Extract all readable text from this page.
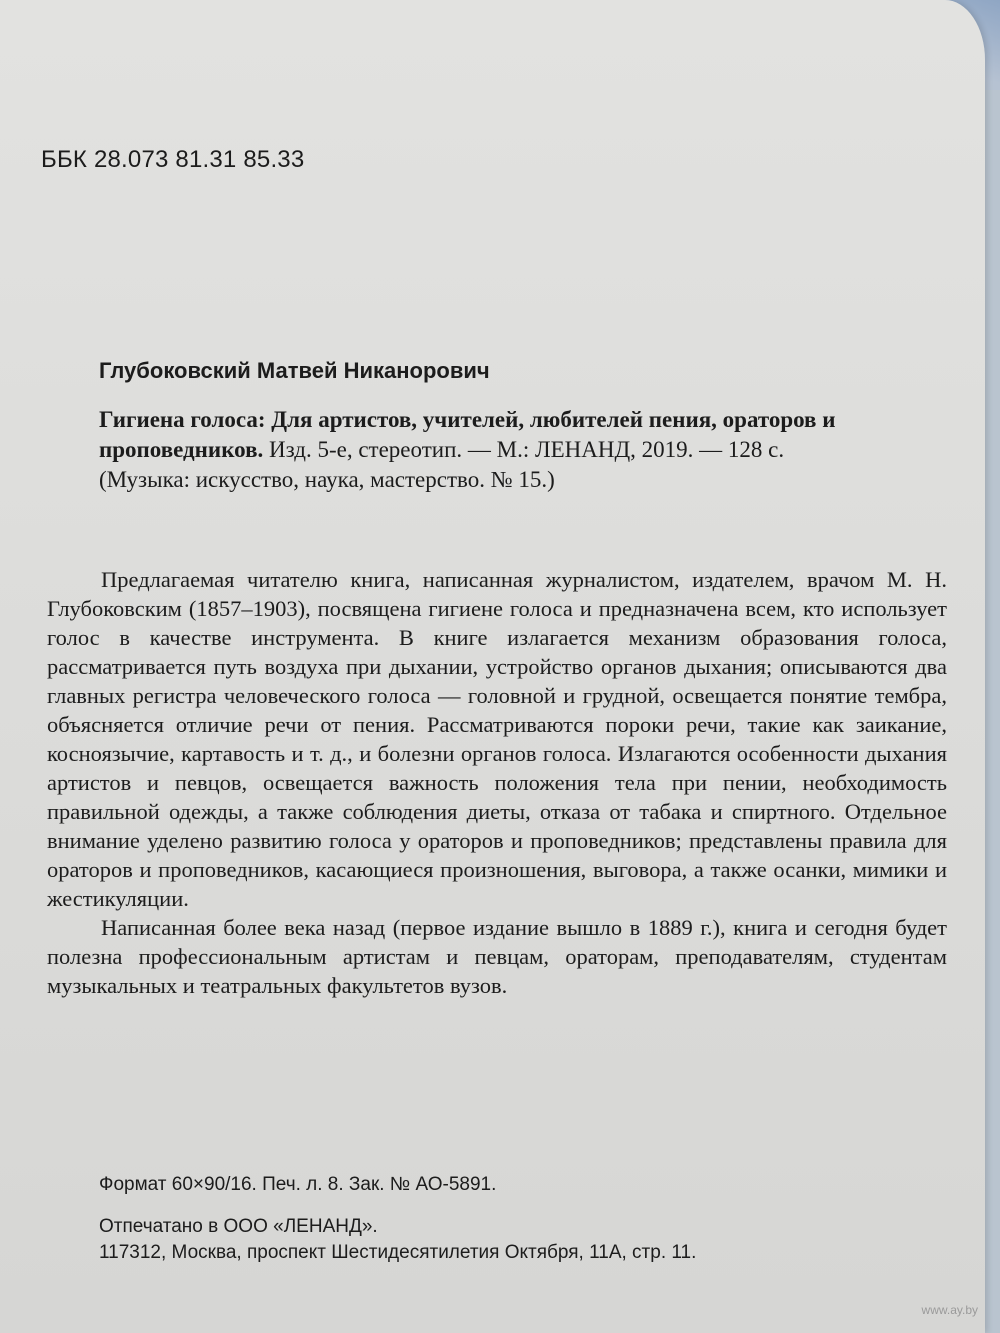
ББК 28.073 81.31 85.33
Глубоковский Матвей Никанорович
Гигиена голоса: Для артистов, учителей, любителей пения, ораторов и проповедников. Изд. 5-е, стереотип. — М.: ЛЕНАНД, 2019. — 128 с.
(Музыка: искусство, наука, мастерство. № 15.)

Предлагаемая читателю книга, написанная журналистом, издателем, врачом М. Н. Глубоковским (1857–1903), посвящена гигиене голоса и предназначена всем, кто использует голос в качестве инструмента. В книге излагается механизм образования голоса, рассматривается путь воздуха при дыхании, устройство органов дыхания; описываются два главных регистра человеческого голоса — головной и грудной, освещается понятие тембра, объясняется отличие речи от пения. Рассматриваются пороки речи, такие как заикание, косноязычие, картавость и т. д., и болезни органов голоса. Излагаются особенности дыхания артистов и певцов, освещается важность положения тела при пении, необходимость правильной одежды, а также соблюдения диеты, отказа от табака и спиртного. Отдельное внимание уделено развитию голоса у ораторов и проповедников; представлены правила для ораторов и проповедников, касающиеся произношения, выговора, а также осанки, мимики и жестикуляции.

Написанная более века назад (первое издание вышло в 1889 г.), книга и сегодня будет полезна профессиональным артистам и певцам, ораторам, преподавателям, студентам музыкальных и театральных факультетов вузов.

Формат 60×90/16. Печ. л. 8. Зак. № АО-5891.
Отпечатано в ООО «ЛЕНАНД».
117312, Москва, проспект Шестидесятилетия Октября, 11А, стр. 11.
www.ay.by
